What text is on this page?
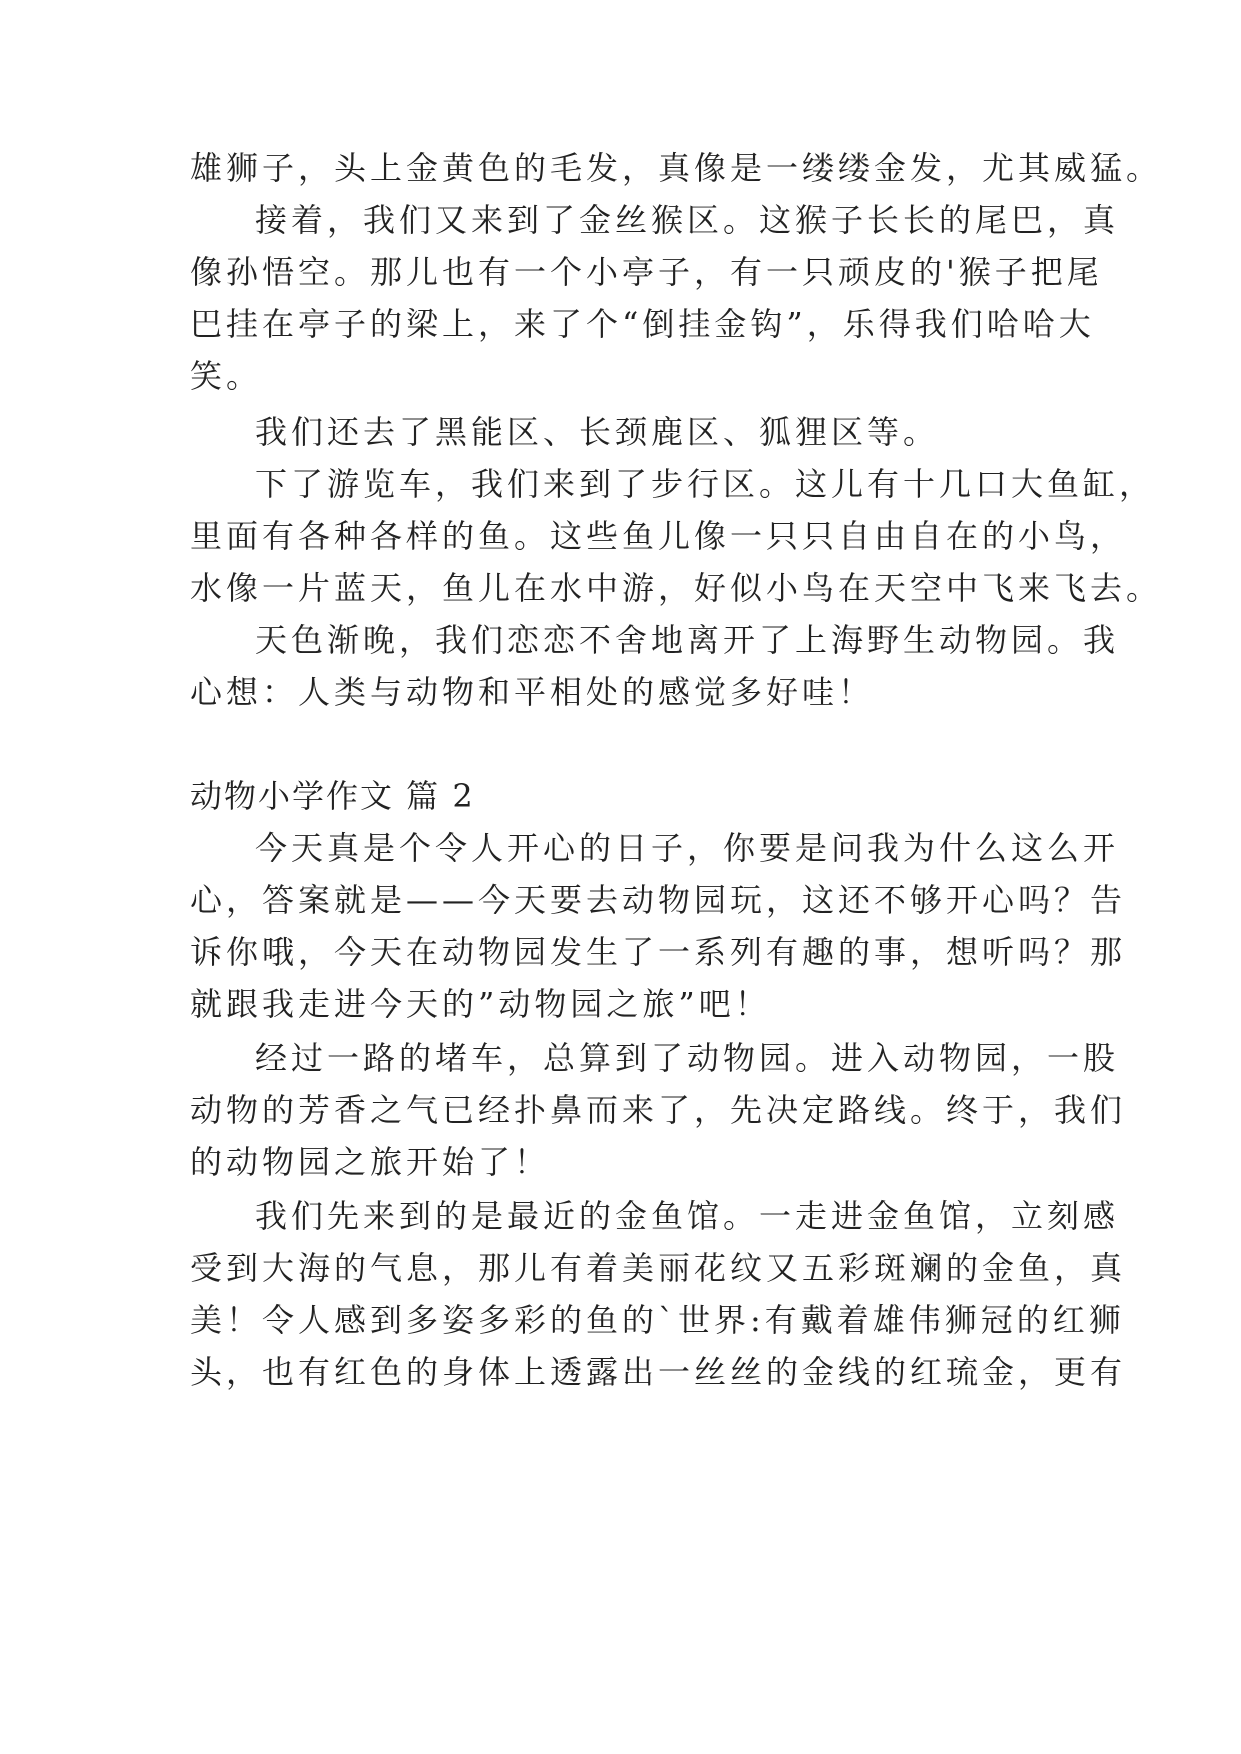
雄狮子，头上金黄色的毛发，真像是一缕缕金发，尤其威猛。
接着，我们又来到了金丝猴区。这猴子长长的尾巴，真
像孙悟空。那儿也有一个小亭子，有一只顽皮的'猴子把尾
巴挂在亭子的梁上，来了个“倒挂金钩”，乐得我们哈哈大
笑。
我们还去了黑能区、长颈鹿区、狐狸区等。
下了游览车，我们来到了步行区。这儿有十几口大鱼缸，
里面有各种各样的鱼。这些鱼儿像一只只自由自在的小鸟，
水像一片蓝天，鱼儿在水中游，好似小鸟在天空中飞来飞去。
天色渐晚，我们恋恋不舍地离开了上海野生动物园。我
心想：人类与动物和平相处的感觉多好哇！
动物小学作文 篇 2
今天真是个令人开心的日子，你要是问我为什么这么开
心，答案就是——今天要去动物园玩，这还不够开心吗？告
诉你哦，今天在动物园发生了一系列有趣的事，想听吗？那
就跟我走进今天的”动物园之旅”吧！
经过一路的堵车，总算到了动物园。进入动物园，一股
动物的芳香之气已经扑鼻而来了，先决定路线。终于，我们
的动物园之旅开始了！
我们先来到的是最近的金鱼馆。一走进金鱼馆，立刻感
受到大海的气息，那儿有着美丽花纹又五彩斑斓的金鱼，真
美！令人感到多姿多彩的鱼的`世界:有戴着雄伟狮冠的红狮
头，也有红色的身体上透露出一丝丝的金线的红琉金，更有
